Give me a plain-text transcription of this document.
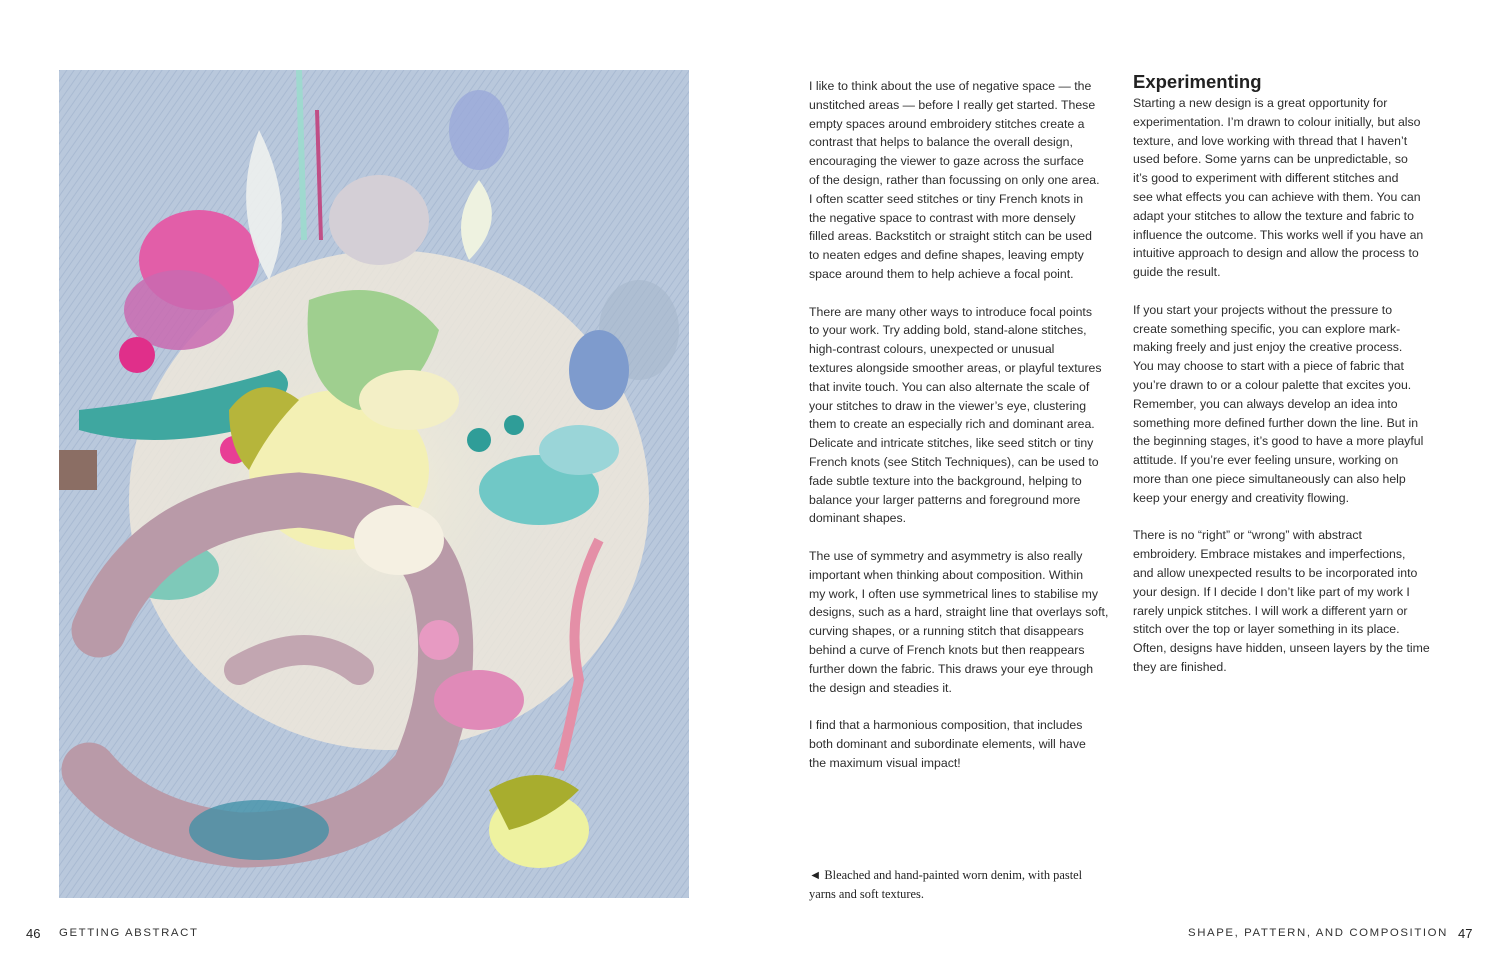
I like to think about the use of negative space — the
unstitched areas — before I really get started. These
empty spaces around embroidery stitches create a
contrast that helps to balance the overall design,
encouraging the viewer to gaze across the surface
of the design, rather than focussing on only one area.
I often scatter seed stitches or tiny French knots in
the negative space to contrast with more densely
filled areas. Backstitch or straight stitch can be used
to neaten edges and define shapes, leaving empty
space around them to help achieve a focal point.

There are many other ways to introduce focal points
to your work. Try adding bold, stand-alone stitches,
high-contrast colours, unexpected or unusual
textures alongside smoother areas, or playful textures
that invite touch. You can also alternate the scale of
your stitches to draw in the viewer’s eye, clustering
them to create an especially rich and dominant area.
Delicate and intricate stitches, like seed stitch or tiny
French knots (see Stitch Techniques), can be used to
fade subtle texture into the background, helping to
balance your larger patterns and foreground more
dominant shapes.

The use of symmetry and asymmetry is also really
important when thinking about composition. Within
my work, I often use symmetrical lines to stabilise my
designs, such as a hard, straight line that overlays soft,
curving shapes, or a running stitch that disappears
behind a curve of French knots but then reappears
further down the fabric. This draws your eye through
the design and steadies it.

I find that a harmonious composition, that includes
both dominant and subordinate elements, will have
the maximum visual impact!

Experimenting

Starting a new design is a great opportunity for
experimentation. I’m drawn to colour initially, but also
texture, and love working with thread that I haven’t
used before. Some yarns can be unpredictable, so
it’s good to experiment with different stitches and
see what effects you can achieve with them. You can
adapt your stitches to allow the texture and fabric to
influence the outcome. This works well if you have an
intuitive approach to design and allow the process to
guide the result.

If you start your projects without the pressure to
create something specific, you can explore mark-
making freely and just enjoy the creative process.
You may choose to start with a piece of fabric that
you’re drawn to or a colour palette that excites you.
Remember, you can always develop an idea into
something more defined further down the line. But in
the beginning stages, it’s good to have a more playful
attitude. If you’re ever feeling unsure, working on
more than one piece simultaneously can also help
keep your energy and creativity flowing.

There is no “right” or “wrong” with abstract
embroidery. Embrace mistakes and imperfections,
and allow unexpected results to be incorporated into
your design. If I decide I don’t like part of my work I
rarely unpick stitches. I will work a different yarn or
stitch over the top or layer something in its place.
Often, designs have hidden, unseen layers by the time
they are finished.

◄ Bleached and hand-painted worn denim, with pastel
yarns and soft textures.
46 GETTING ABSTRACT	SHAPE, PATTERN, AND COMPOSITION 47
